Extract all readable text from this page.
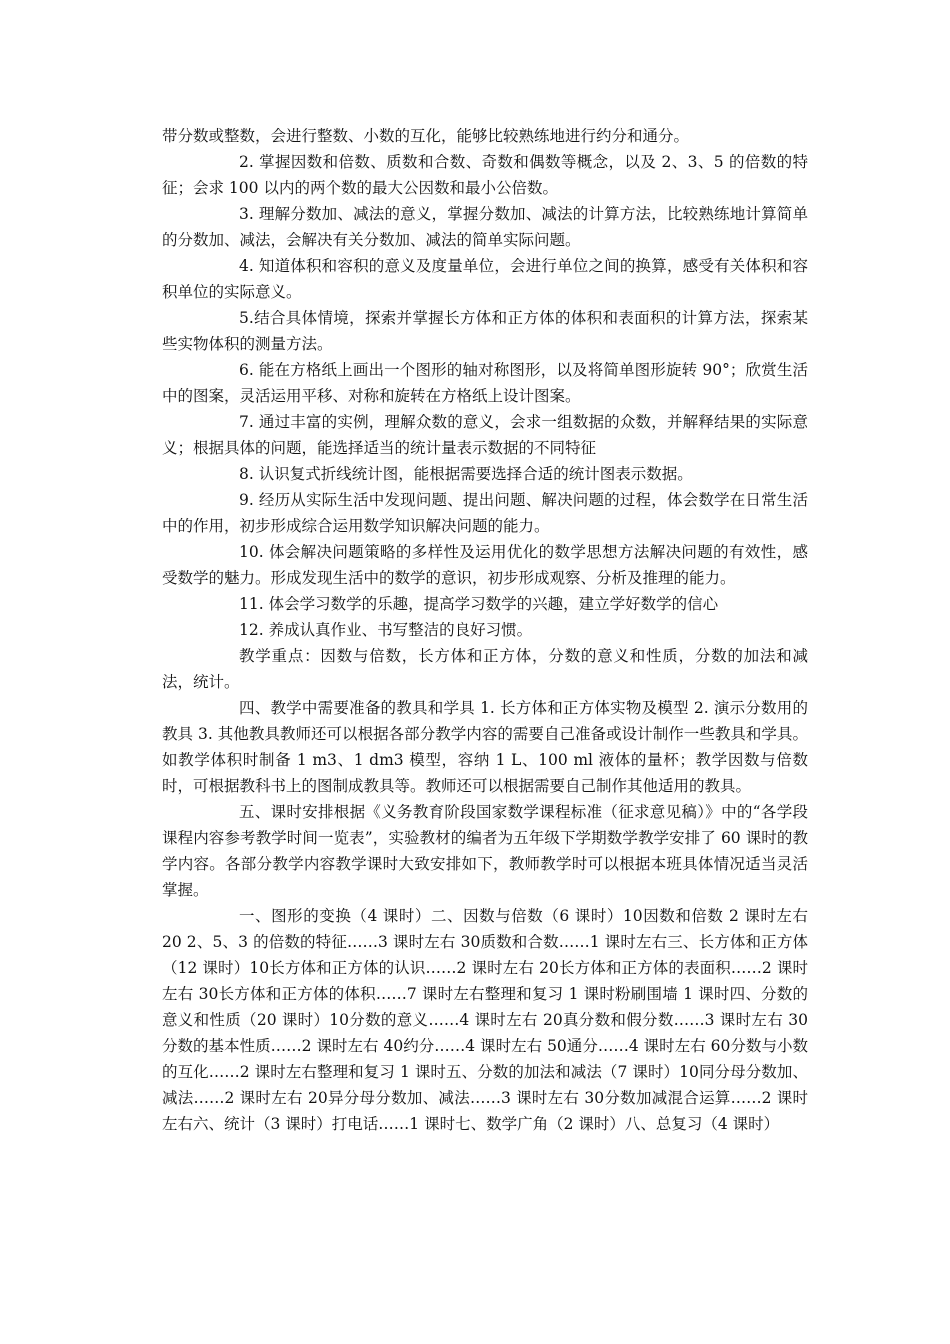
带分数或整数，会进行整数、小数的互化，能够比较熟练地进行约分和通分。

2. 掌握因数和倍数、质数和合数、奇数和偶数等概念，以及 2、3、5 的倍数的特征；会求 100 以内的两个数的最大公因数和最小公倍数。

3. 理解分数加、减法的意义，掌握分数加、减法的计算方法，比较熟练地计算简单的分数加、减法，会解决有关分数加、减法的简单实际问题。

4. 知道体积和容积的意义及度量单位，会进行单位之间的换算，感受有关体积和容积单位的实际意义。

5.结合具体情境，探索并掌握长方体和正方体的体积和表面积的计算方法，探索某些实物体积的测量方法。

6. 能在方格纸上画出一个图形的轴对称图形，以及将简单图形旋转 90°；欣赏生活中的图案，灵活运用平移、对称和旋转在方格纸上设计图案。

7. 通过丰富的实例，理解众数的意义，会求一组数据的众数，并解释结果的实际意义；根据具体的问题，能选择适当的统计量表示数据的不同特征

8. 认识复式折线统计图，能根据需要选择合适的统计图表示数据。

9. 经历从实际生活中发现问题、提出问题、解决问题的过程，体会数学在日常生活中的作用，初步形成综合运用数学知识解决问题的能力。

10. 体会解决问题策略的多样性及运用优化的数学思想方法解决问题的有效性，感受数学的魅力。形成发现生活中的数学的意识，初步形成观察、分析及推理的能力。

11. 体会学习数学的乐趣，提高学习数学的兴趣，建立学好数学的信心

12. 养成认真作业、书写整洁的良好习惯。

教学重点：因数与倍数，长方体和正方体，分数的意义和性质，分数的加法和减法，统计。

四、教学中需要准备的教具和学具 1. 长方体和正方体实物及模型 2. 演示分数用的教具 3. 其他教具教师还可以根据各部分教学内容的需要自己准备或设计制作一些教具和学具。如教学体积时制备 1 m3、1 dm3 模型，容纳 1 L、100 ml 液体的量杯；教学因数与倍数时，可根据教科书上的图制成教具等。教师还可以根据需要自己制作其他适用的教具。

五、课时安排根据《义务教育阶段国家数学课程标准（征求意见稿）》中的“各学段课程内容参考教学时间一览表”，实验教材的编者为五年级下学期数学教学安排了 60 课时的教学内容。各部分教学内容教学课时大致安排如下，教师教学时可以根据本班具体情况适当灵活掌握。

一、图形的变换（4 课时）二、因数与倍数（6 课时）10因数和倍数 2 课时左右 20 2、5、3 的倍数的特征……3 课时左右 30质数和合数……1 课时左右三、长方体和正方体（12 课时）10长方体和正方体的认识……2 课时左右 20长方体和正方体的表面积……2 课时左右 30长方体和正方体的体积……7 课时左右整理和复习 1 课时粉刷围墙 1 课时四、分数的意义和性质（20 课时）10分数的意义……4 课时左右 20真分数和假分数……3 课时左右 30分数的基本性质……2 课时左右 40约分……4 课时左右 50通分……4 课时左右 60分数与小数的互化……2 课时左右整理和复习 1 课时五、分数的加法和减法（7 课时）10同分母分数加、减法……2 课时左右 20异分母分数加、减法……3 课时左右 30分数加减混合运算……2 课时左右六、统计（3 课时）打电话……1 课时七、数学广角（2 课时）八、总复习（4 课时）
